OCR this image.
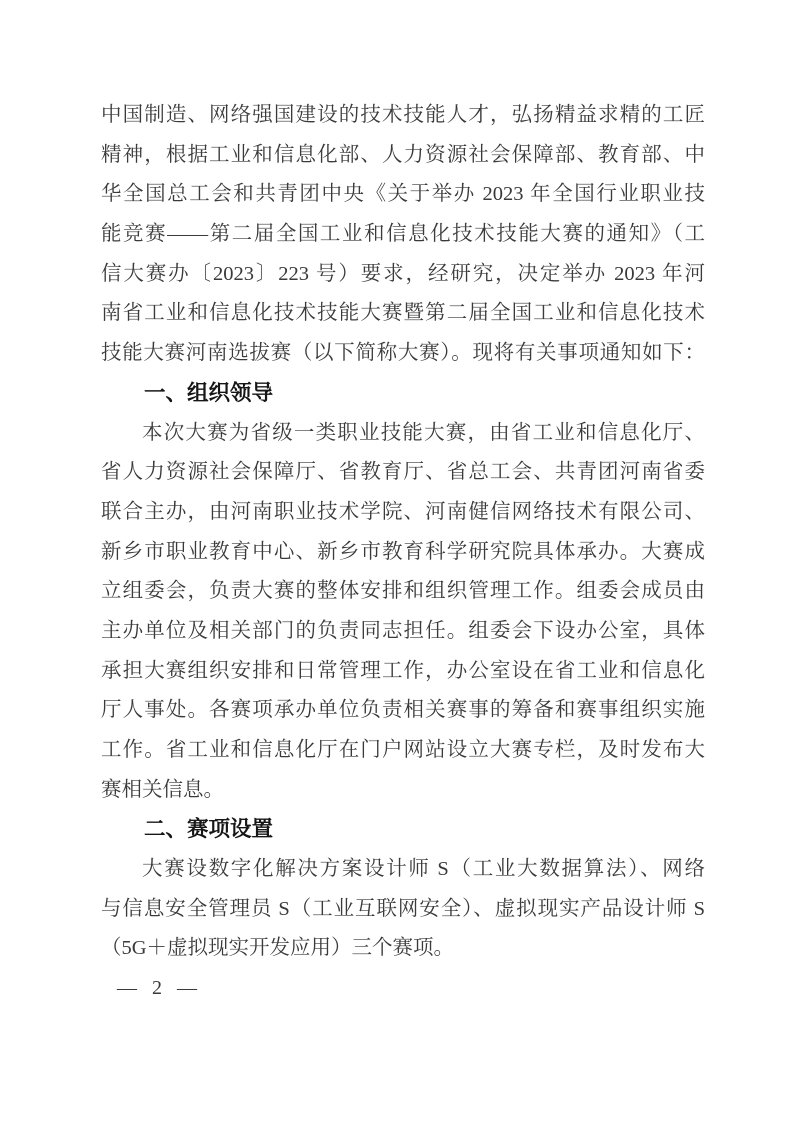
中国制造、网络强国建设的技术技能人才，弘扬精益求精的工匠
精神，根据工业和信息化部、人力资源社会保障部、教育部、中
华全国总工会和共青团中央《关于举办 2023 年全国行业职业技
能竞赛——第二届全国工业和信息化技术技能大赛的通知》（工
信大赛办〔2023〕223 号）要求，经研究，决定举办 2023 年河
南省工业和信息化技术技能大赛暨第二届全国工业和信息化技术
技能大赛河南选拔赛（以下简称大赛）。现将有关事项通知如下：
一、组织领导
本次大赛为省级一类职业技能大赛，由省工业和信息化厅、
省人力资源社会保障厅、省教育厅、省总工会、共青团河南省委
联合主办，由河南职业技术学院、河南健信网络技术有限公司、
新乡市职业教育中心、新乡市教育科学研究院具体承办。大赛成
立组委会，负责大赛的整体安排和组织管理工作。组委会成员由
主办单位及相关部门的负责同志担任。组委会下设办公室，具体
承担大赛组织安排和日常管理工作，办公室设在省工业和信息化
厅人事处。各赛项承办单位负责相关赛事的筹备和赛事组织实施
工作。省工业和信息化厅在门户网站设立大赛专栏，及时发布大
赛相关信息。
二、赛项设置
大赛设数字化解决方案设计师 S（工业大数据算法）、网络
与信息安全管理员 S（工业互联网安全）、虚拟现实产品设计师 S
（5G＋虚拟现实开发应用）三个赛项。
— 2 —
